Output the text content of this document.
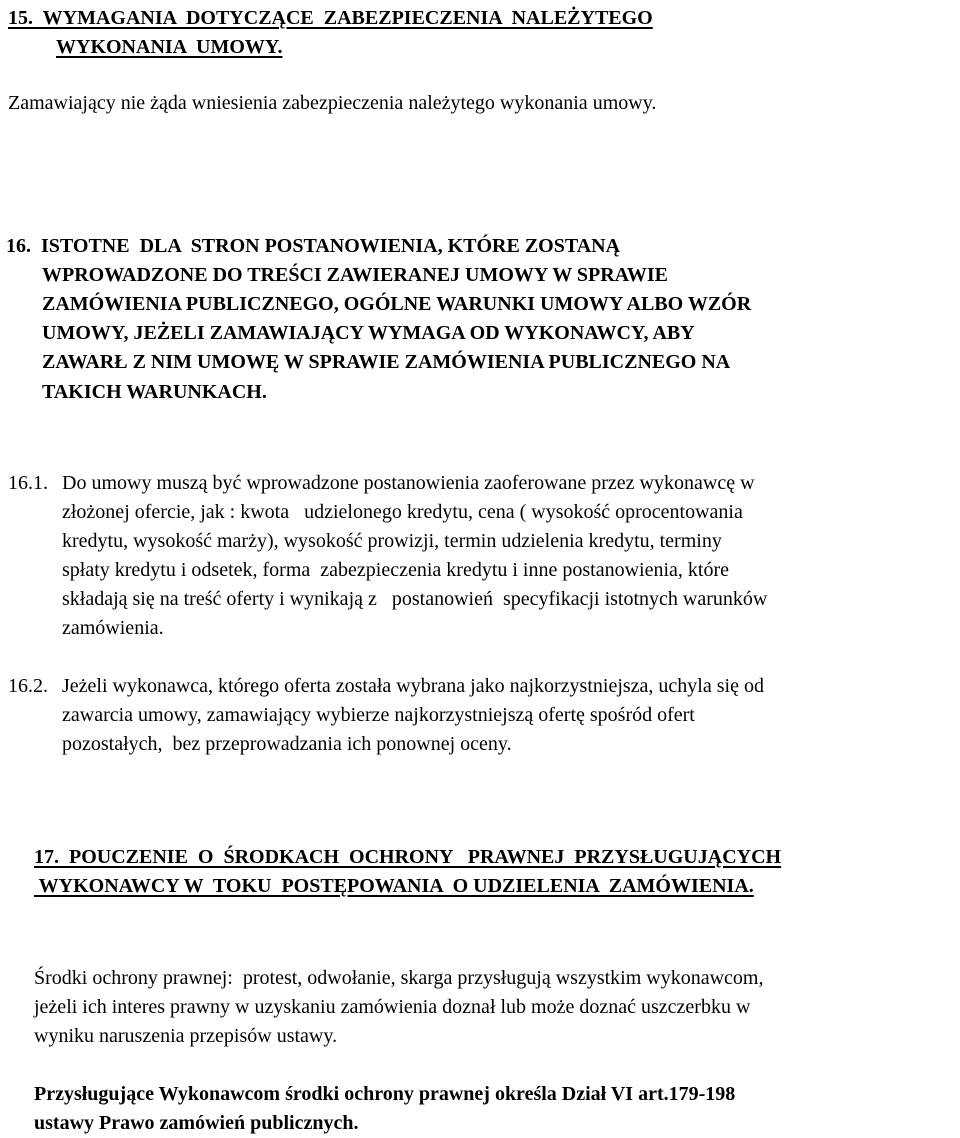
15.  WYMAGANIA  DOTYCZĄCE  ZABEZPIECZENIA  NALEŻYTEGO
WYKONANIA  UMOWY.
Zamawiający nie żąda wniesienia zabezpieczenia należytego wykonania umowy.
16.  ISTOTNE  DLA  STRON POSTANOWIENIA, KTÓRE ZOSTANĄ
WPROWADZONE DO TREŚCI ZAWIERANEJ UMOWY W SPRAWIE
ZAMÓWIENIA PUBLICZNEGO, OGÓLNE WARUNKI UMOWY ALBO WZÓR
UMOWY, JEŻELI ZAMAWIAJĄCY WYMAGA OD WYKONAWCY, ABY
ZAWARŁ Z NIM UMOWĘ W SPRAWIE ZAMÓWIENIA PUBLICZNEGO NA
TAKICH WARUNKACH.
16.1. Do umowy muszą być wprowadzone postanowienia zaoferowane przez wykonawcę w
złożonej ofercie, jak : kwota   udzielonego kredytu, cena ( wysokość oprocentowania
kredytu, wysokość marży), wysokość prowizji, termin udzielenia kredytu, terminy
spłaty kredytu i odsetek, forma  zabezpieczenia kredytu i inne postanowienia, które
składają się na treść oferty i wynikają z   postanowień  specyfikacji istotnych warunków
zamówienia.
16.2. Jeżeli wykonawca, którego oferta została wybrana jako najkorzystniejsza, uchyla się od
zawarcia umowy, zamawiający wybierze najkorzystniejszą ofertę spośród ofert
pozostałych,  bez przeprowadzania ich ponownej oceny.
17.  POUCZENIE  O  ŚRODKACH  OCHRONY   PRAWNEJ  PRZYSŁUGUJĄCYCH
WYKONAWCY W  TOKU  POSTĘPOWANIA  O UDZIELENIA  ZAMÓWIENIA.
Środki ochrony prawnej:  protest, odwołanie, skarga przysługują wszystkim wykonawcom,
jeżeli ich interes prawny w uzyskaniu zamówienia doznał lub może doznać uszczerbku w
wyniku naruszenia przepisów ustawy.
Przysługujące Wykonawcom środki ochrony prawnej określa Dział VI art.179-198
ustawy Prawo zamówień publicznych.
